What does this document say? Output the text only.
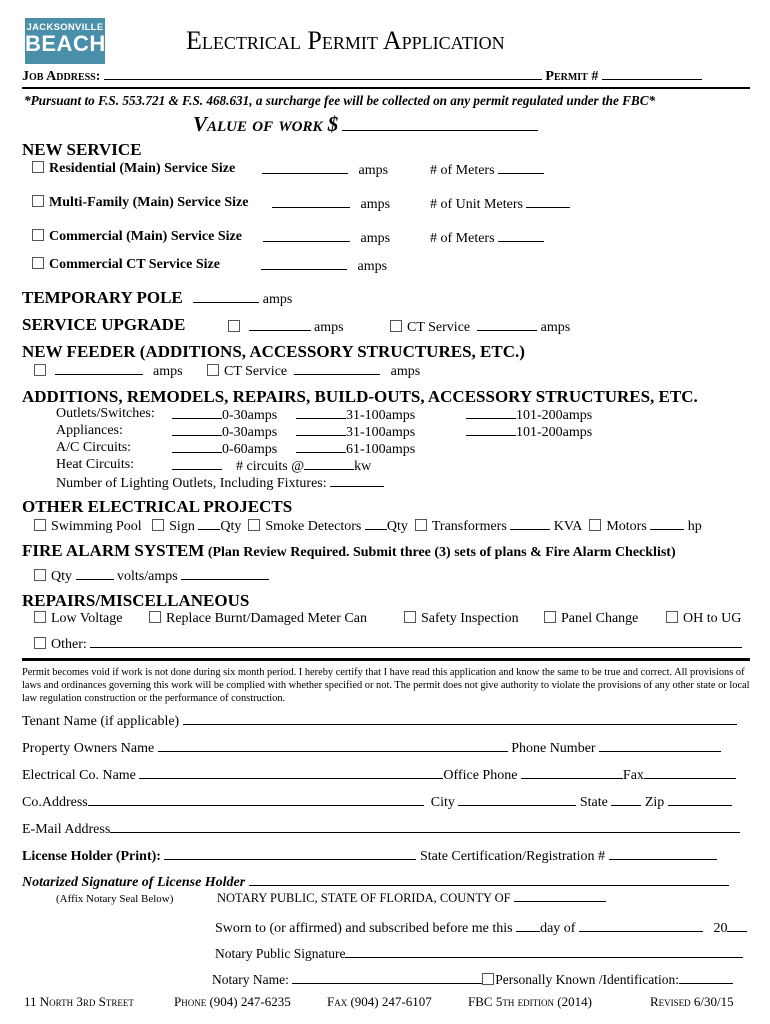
JACKSONVILLE
BEACH	Electrical Permit Application
Job Address:	Permit #
*Pursuant to F.S. 553.721 & F.S. 468.631, a surcharge fee will be collected on any permit regulated under the FBC*
Value of work $
NEW SERVICE
Residential (Main) Service Size	amps	# of Meters
Multi-Family (Main) Service Size	amps	# of Unit Meters
Commercial (Main) Service Size	amps	# of Meters
Commercial CT Service Size	amps
TEMPORARY POLE	amps
SERVICE UPGRADE	amps	CT Service	amps
NEW FEEDER (ADDITIONS, ACCESSORY STRUCTURES, ETC.)
amps	CT Service	amps
ADDITIONS, REMODELS, REPAIRS, BUILD-OUTS, ACCESSORY STRUCTURES, ETC.
Outlets/Switches:	0-30amps	31-100amps	101-200amps
Appliances:	0-30amps	31-100amps	101-200amps
A/C Circuits:	0-60amps	61-100amps
Heat Circuits:	# circuits @	kw
Number of Lighting Outlets, Including Fixtures:
OTHER ELECTRICAL PROJECTS
Swimming Pool Sign Qty Smoke Detectors Qty Transformers	KVA Motors	hp
FIRE ALARM SYSTEM (Plan Review Required. Submit three (3) sets of plans & Fire Alarm Checklist)
Qty	volts/amps
REPAIRS/MISCELLANEOUS
Low Voltage	Replace Burnt/Damaged Meter Can	Safety Inspection	Panel Change	OH to UG
Other:
Permit becomes void if work is not done during six month period. I hereby certify that I have read this application and know the same to be true and correct. All provisions of laws and ordinances governing this work will be complied with whether specified or not. The permit does not give authority to violate the provisions of any other state or local law regulation construction or the performance of construction.
Tenant Name (if applicable)
Property Owners Name	Phone Number
Electrical Co. Name	Office Phone	Fax
Co.Address	City	State	Zip
E-Mail Address
License Holder (Print):	State Certification/Registration #
Notarized Signature of License Holder
(Affix Notary Seal Below)	NOTARY PUBLIC, STATE OF FLORIDA, COUNTY OF
Sworn to (or affirmed) and subscribed before me this day of	20
Notary Public Signature
Notary Name:	Personally Known /Identification:
11 North 3rd Street	Phone (904) 247-6235	Fax (904) 247-6107	FBC 5th edition (2014)	Revised 6/30/15
